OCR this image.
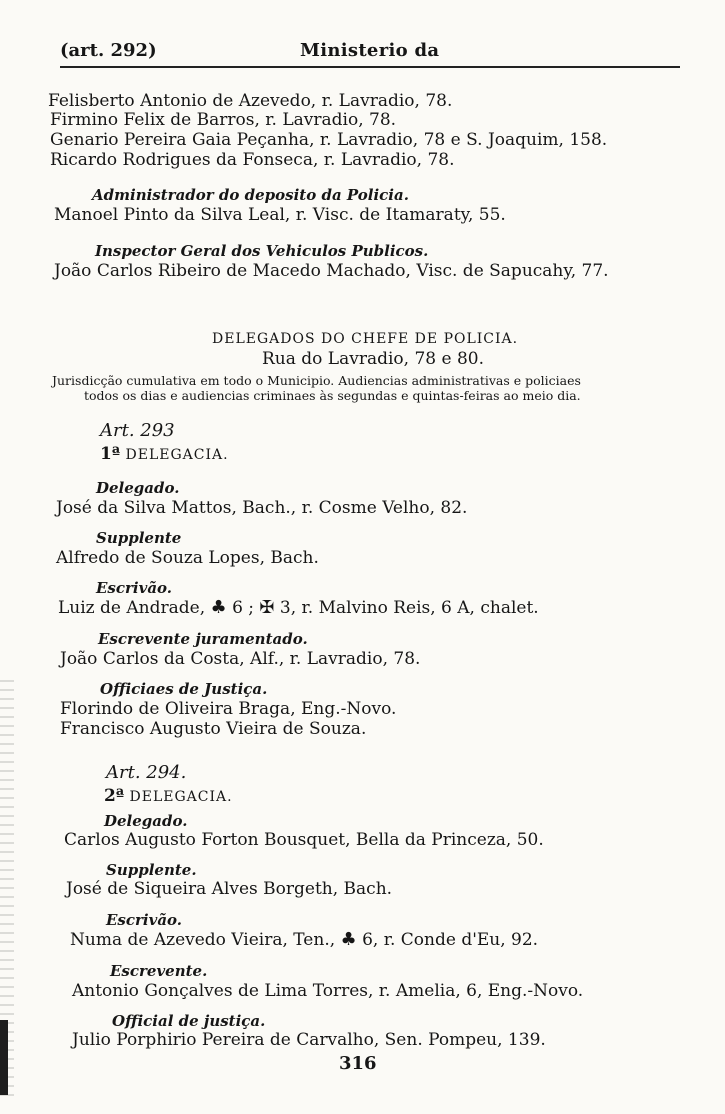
(art. 292)	Ministerio da
Felisberto Antonio de Azevedo, r. Lavradio, 78.
Firmino Felix de Barros, r. Lavradio, 78.
Genario Pereira Gaia Peçanha, r. Lavradio, 78 e S. Joaquim, 158.
Ricardo Rodrigues da Fonseca, r. Lavradio, 78.
Administrador do deposito da Policia.
Manoel Pinto da Silva Leal, r. Visc. de Itamaraty, 55.
Inspector Geral dos Vehiculos Publicos.
João Carlos Ribeiro de Macedo Machado, Visc. de Sapucahy, 77.
DELEGADOS DO CHEFE DE POLICIA.
Rua do Lavradio, 78 e 80.
Jurisdicção cumulativa em todo o Municipio. Audiencias administrativas e policiaes
todos os dias e audiencias criminaes às segundas e quintas-feiras ao meio dia.
Art. 293
1ª DELEGACIA.
Delegado.
José da Silva Mattos, Bach., r. Cosme Velho, 82.
Supplente
Alfredo de Souza Lopes, Bach.
Escrivão.
Luiz de Andrade, ♣ 6 ; ✠ 3, r. Malvino Reis, 6 A, chalet.
Escrevente juramentado.
João Carlos da Costa, Alf., r. Lavradio, 78.
Officiaes de Justiça.
Florindo de Oliveira Braga, Eng.-Novo.
Francisco Augusto Vieira de Souza.
Art. 294.
2ª DELEGACIA.
Delegado.
Carlos Augusto Forton Bousquet, Bella da Princeza, 50.
Supplente.
José de Siqueira Alves Borgeth, Bach.
Escrivão.
Numa de Azevedo Vieira, Ten., ♣ 6, r. Conde d'Eu, 92.
Escrevente.
Antonio Gonçalves de Lima Torres, r. Amelia, 6, Eng.-Novo.
Official de justiça.
Julio Porphirio Pereira de Carvalho, Sen. Pompeu, 139.
316
